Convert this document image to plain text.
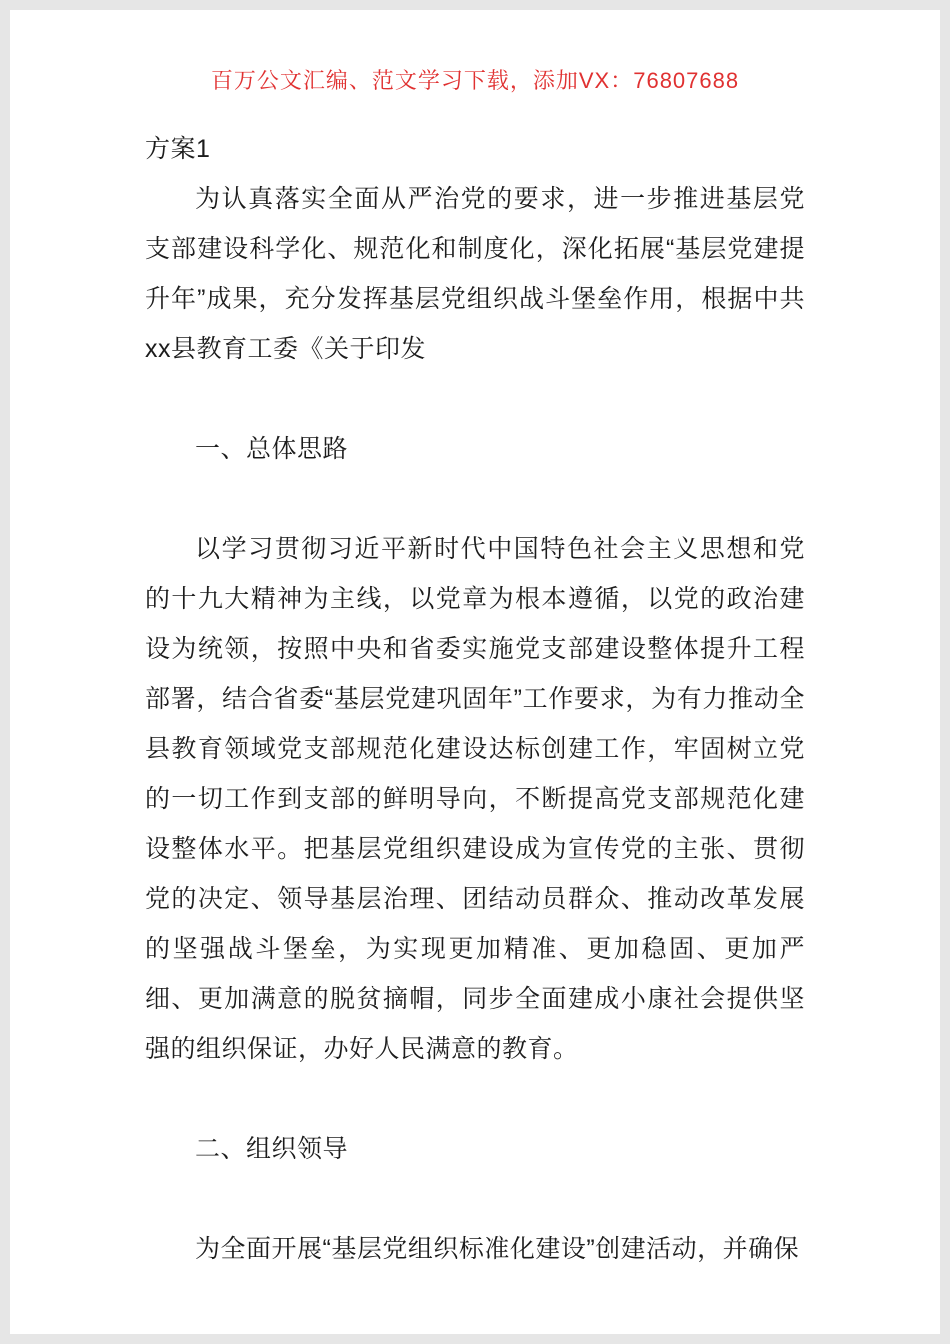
百万公文汇编、范文学习下载，添加VX：76807688

方案1

为认真落实全面从严治党的要求，进一步推进基层党支部建设科学化、规范化和制度化，深化拓展“基层党建提升年”成果，充分发挥基层党组织战斗堡垒作用，根据中共xx县教育工委《关于印发

一、总体思路

以学习贯彻习近平新时代中国特色社会主义思想和党的十九大精神为主线，以党章为根本遵循，以党的政治建设为统领，按照中央和省委实施党支部建设整体提升工程部署，结合省委“基层党建巩固年”工作要求，为有力推动全县教育领域党支部规范化建设达标创建工作，牢固树立党的一切工作到支部的鲜明导向，不断提高党支部规范化建设整体水平。把基层党组织建设成为宣传党的主张、贯彻党的决定、领导基层治理、团结动员群众、推动改革发展的坚强战斗堡垒，为实现更加精准、更加稳固、更加严细、更加满意的脱贫摘帽，同步全面建成小康社会提供坚强的组织保证，办好人民满意的教育。

二、组织领导

为全面开展“基层党组织标准化建设”创建活动，并确保
